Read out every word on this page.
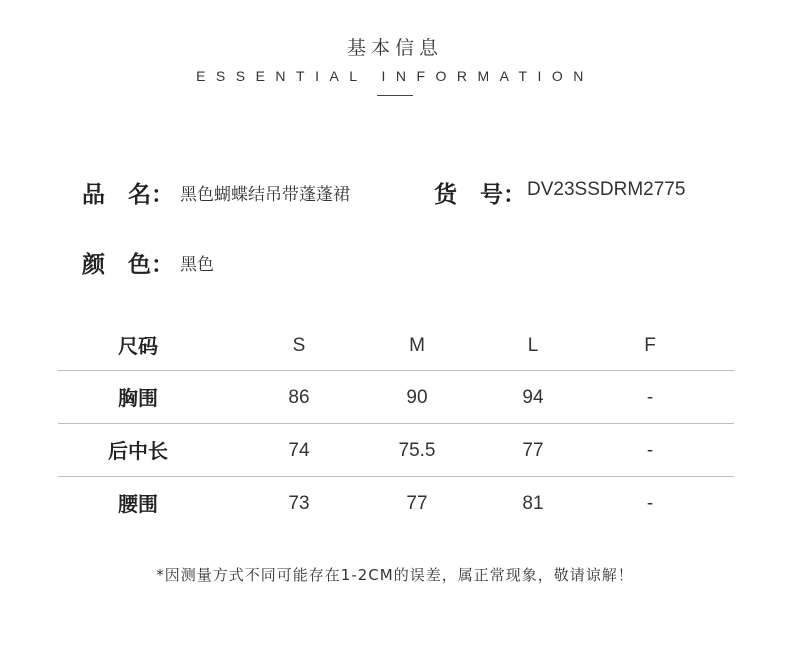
基本信息
ESSENTIAL INFORMATION
品　名： 黑色蝴蝶结吊带蓬蓬裙	货　号： DV23SSDRM2775
颜　色： 黑色
尺码	S	M	L	F
胸围	86	90	94	-
后中长	74	75.5	77	-
腰围	73	77	81	-
*因测量方式不同可能存在1-2CM的误差，属正常现象，敬请谅解！
